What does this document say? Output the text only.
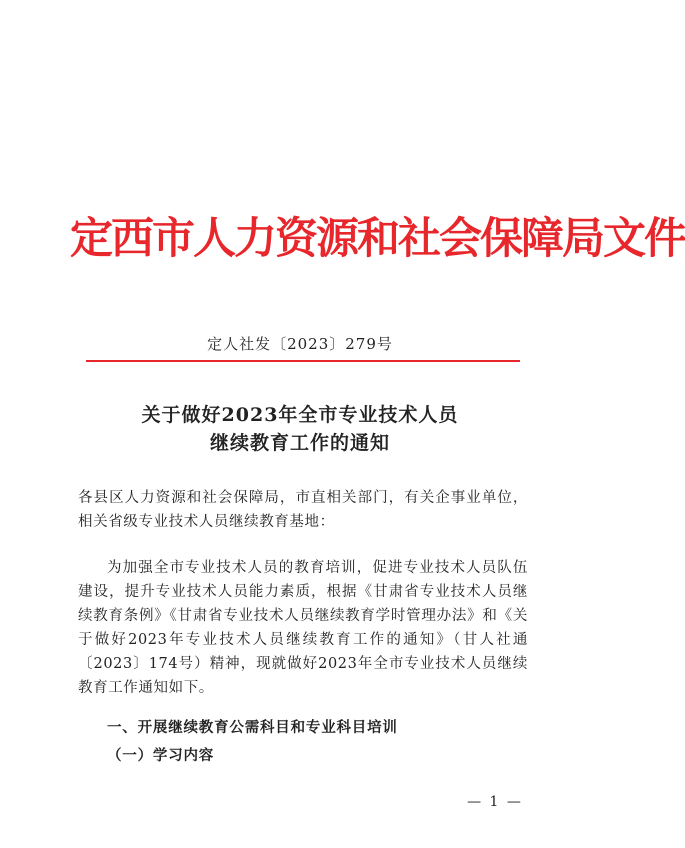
定西市人力资源和社会保障局文件
定人社发〔2023〕279号
关于做好2023年全市专业技术人员
继续教育工作的通知
各县区人力资源和社会保障局，市直相关部门，有关企事业单位，相关省级专业技术人员继续教育基地：
为加强全市专业技术人员的教育培训，促进专业技术人员队伍建设，提升专业技术人员能力素质，根据《甘肃省专业技术人员继续教育条例》《甘肃省专业技术人员继续教育学时管理办法》和《关于做好2023年专业技术人员继续教育工作的通知》（甘人社通〔2023〕174号）精神，现就做好2023年全市专业技术人员继续教育工作通知如下。
一、开展继续教育公需科目和专业科目培训
（一）学习内容
— 1 —
